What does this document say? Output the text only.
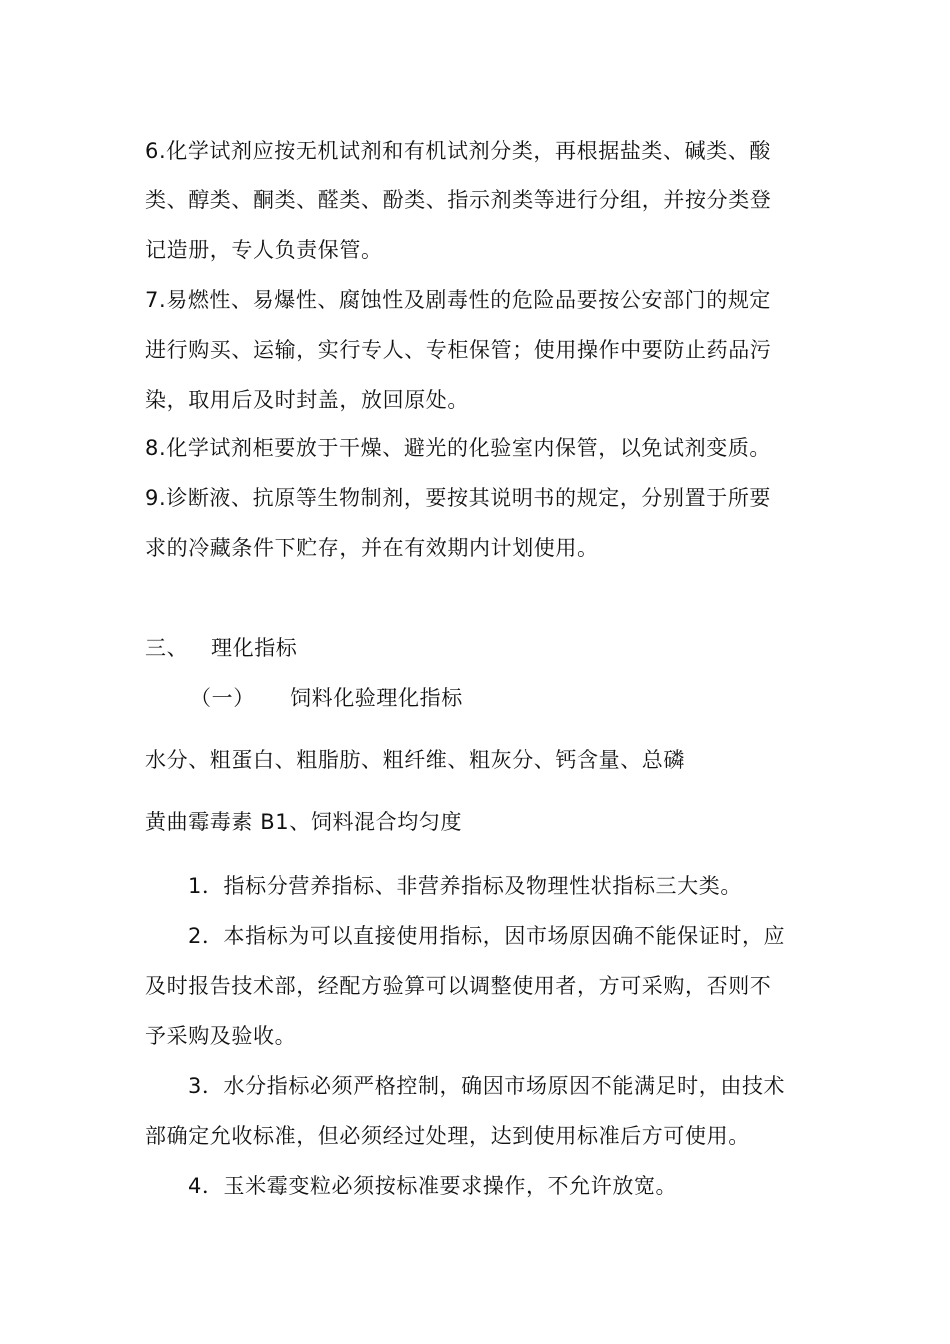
6.化学试剂应按无机试剂和有机试剂分类，再根据盐类、碱类、酸
类、醇类、酮类、醛类、酚类、指示剂类等进行分组，并按分类登
记造册，专人负责保管。
7.易燃性、易爆性、腐蚀性及剧毒性的危险品要按公安部门的规定
进行购买、运输，实行专人、专柜保管；使用操作中要防止药品污
染，取用后及时封盖，放回原处。
8.化学试剂柜要放于干燥、避光的化验室内保管，以免试剂变质。
9.诊断液、抗原等生物制剂，要按其说明书的规定，分别置于所要
求的冷藏条件下贮存，并在有效期内计划使用。
三、 理化指标
（一） 饲料化验理化指标
水分、粗蛋白、粗脂肪、粗纤维、粗灰分、钙含量、总磷
黄曲霉毒素 B1、饲料混合均匀度
1．指标分营养指标、非营养指标及物理性状指标三大类。
2．本指标为可以直接使用指标，因市场原因确不能保证时，应
及时报告技术部，经配方验算可以调整使用者，方可采购，否则不
予采购及验收。
3．水分指标必须严格控制，确因市场原因不能满足时，由技术
部确定允收标准，但必须经过处理，达到使用标准后方可使用。
4．玉米霉变粒必须按标准要求操作，不允许放宽。
